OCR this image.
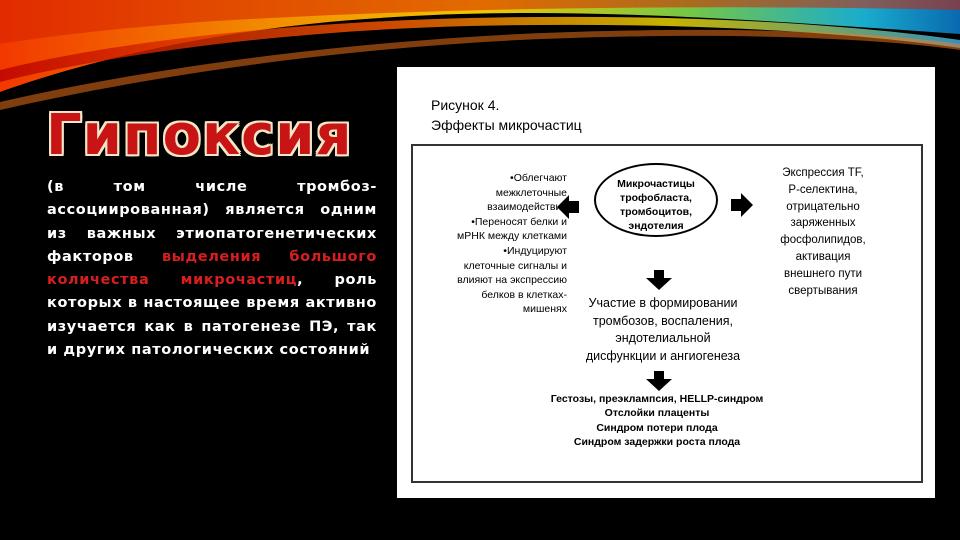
Гипоксия
(в том числе тромбоз-ассоциированная) является одним из важных этиопатогенетических факторов выделения большого количества микрочастиц, роль которых в настоящее время активно изучается как в патогенезе ПЭ, так и других патологических состояний
Рисунок 4.
Эффекты микрочастиц
Микрочастицы
трофобласта,
тромбоцитов,
эндотелия
•Облегчают
межклеточные
взаимодействия
•Переносят белки и
мРНК между клетками
•Индуцируют
клеточные сигналы и
влияют на экспрессию
белков в клетках-
мишенях
Экспрессия TF,
P-селектина,
отрицательно
заряженных
фосфолипидов,
активация
внешнего пути
свертывания
Участие в формировании
тромбозов, воспаления,
эндотелиальной
дисфункции и ангиогенеза
Гестозы, преэклампсия, HELLP-синдром
Отслойки плаценты
Синдром потери плода
Синдром задержки роста плода
